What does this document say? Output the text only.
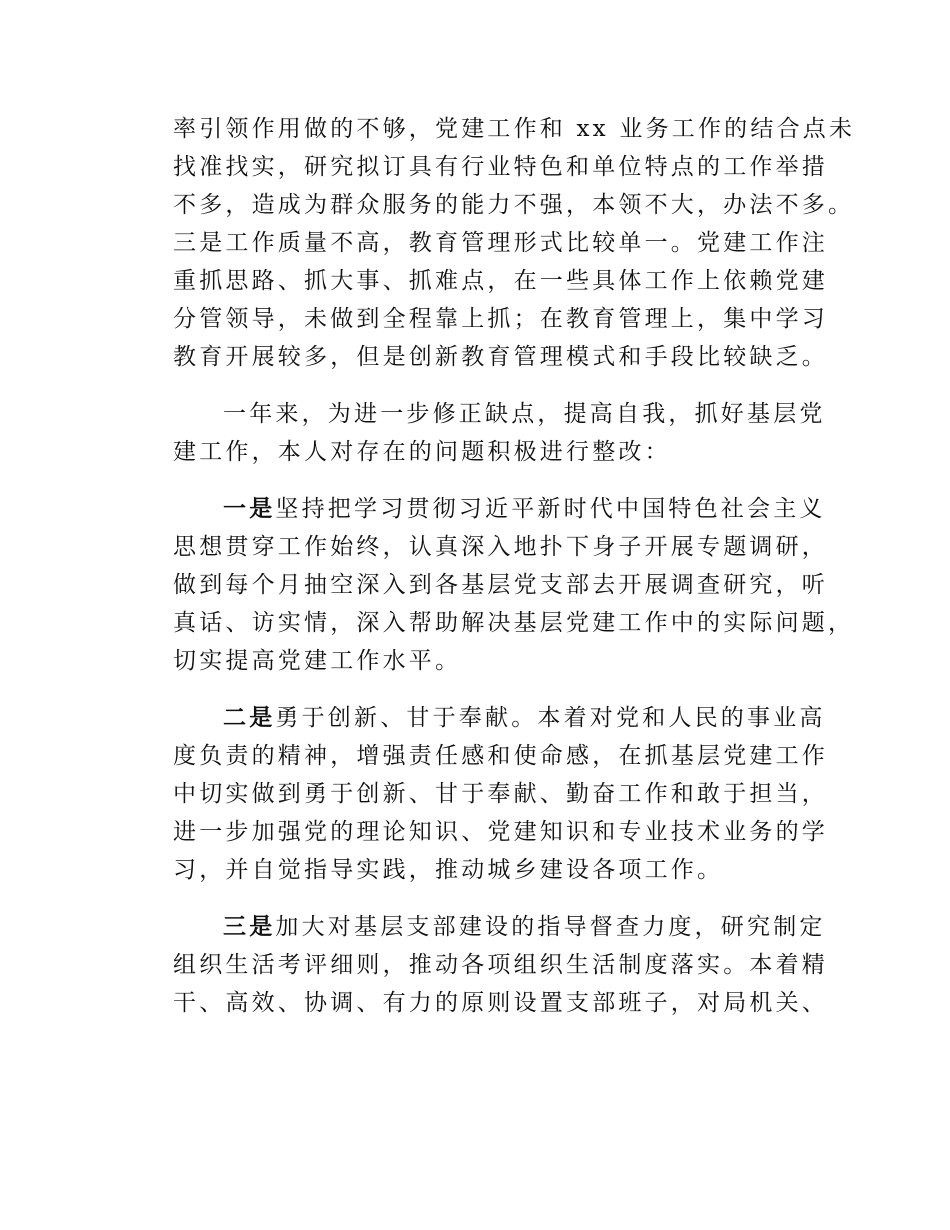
率引领作用做的不够，党建工作和 xx 业务工作的结合点未
找准找实，研究拟订具有行业特色和单位特点的工作举措
不多，造成为群众服务的能力不强，本领不大，办法不多。
三是工作质量不高，教育管理形式比较单一。党建工作注
重抓思路、抓大事、抓难点，在一些具体工作上依赖党建
分管领导，未做到全程靠上抓；在教育管理上，集中学习
教育开展较多，但是创新教育管理模式和手段比较缺乏。
一年来，为进一步修正缺点，提高自我，抓好基层党
建工作，本人对存在的问题积极进行整改：
一是坚持把学习贯彻习近平新时代中国特色社会主义
思想贯穿工作始终，认真深入地扑下身子开展专题调研，
做到每个月抽空深入到各基层党支部去开展调查研究，听
真话、访实情，深入帮助解决基层党建工作中的实际问题，
切实提高党建工作水平。
二是勇于创新、甘于奉献。本着对党和人民的事业高
度负责的精神，增强责任感和使命感，在抓基层党建工作
中切实做到勇于创新、甘于奉献、勤奋工作和敢于担当，
进一步加强党的理论知识、党建知识和专业技术业务的学
习，并自觉指导实践，推动城乡建设各项工作。
三是加大对基层支部建设的指导督查力度，研究制定
组织生活考评细则，推动各项组织生活制度落实。本着精
干、高效、协调、有力的原则设置支部班子，对局机关、
